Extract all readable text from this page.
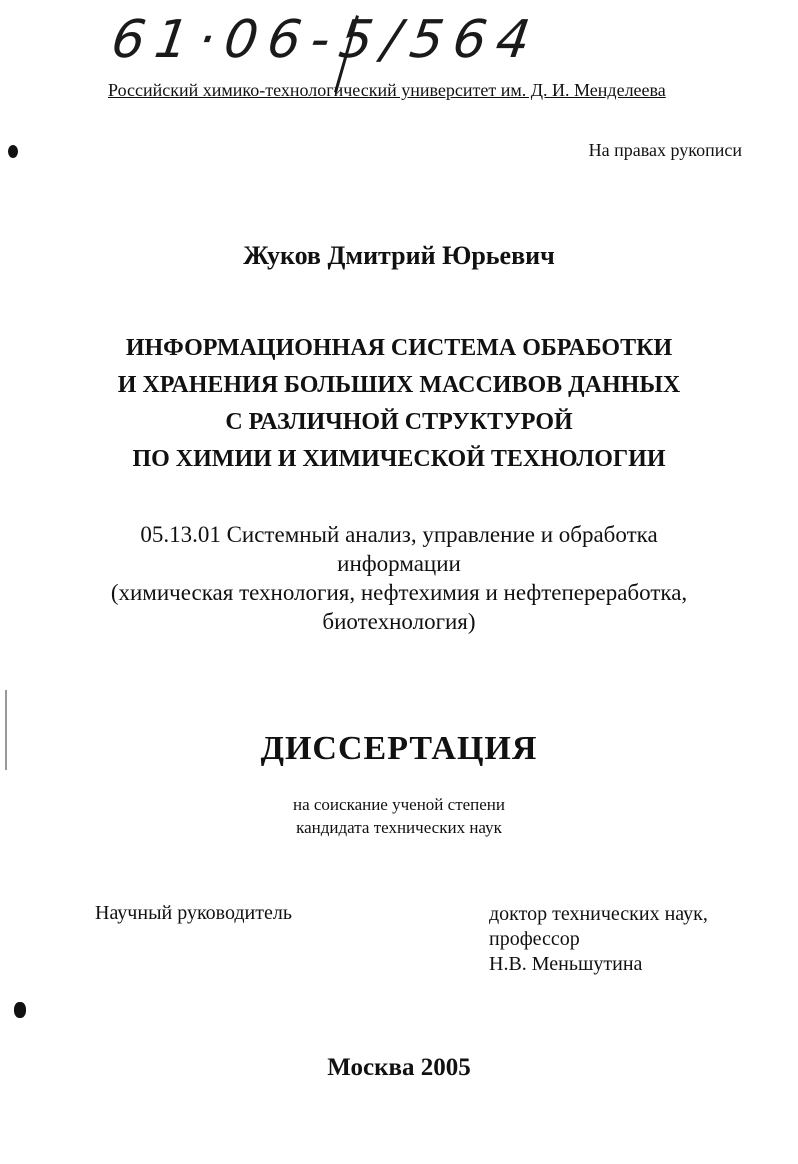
61·06-5/564
Российский химико-технологический университет им. Д. И. Менделеева
На правах рукописи
Жуков Дмитрий Юрьевич
ИНФОРМАЦИОННАЯ СИСТЕМА ОБРАБОТКИ
И ХРАНЕНИЯ БОЛЬШИХ МАССИВОВ ДАННЫХ
С РАЗЛИЧНОЙ СТРУКТУРОЙ
ПО ХИМИИ И ХИМИЧЕСКОЙ ТЕХНОЛОГИИ
05.13.01 Системный анализ, управление и обработка
информации
(химическая технология, нефтехимия и нефтепереработка,
биотехнология)
ДИССЕРТАЦИЯ
на соискание ученой степени
кандидата технических наук
Научный руководитель	доктор технических наук,
профессор
Н.В. Меньшутина
Москва 2005
